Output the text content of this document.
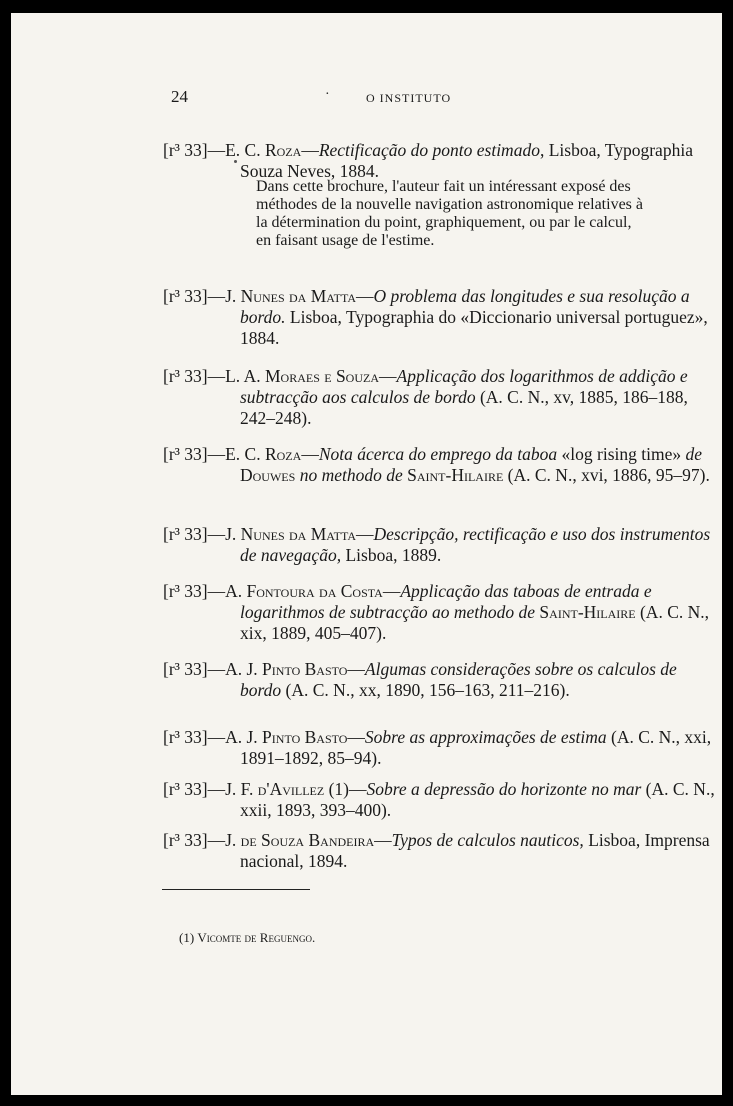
24	·	O INSTITUTO
[r³ 33]—E. C. Roza—Rectificação do ponto estimado, Lisboa, Typographia Souza Neves, 1884.
Dans cette brochure, l'auteur fait un intéressant exposé des méthodes de la nouvelle navigation astronomique relatives à la détermination du point, graphiquement, ou par le calcul, en faisant usage de l'estime.
[r³ 33]—J. Nunes da Matta—O problema das longitudes e sua resolução a bordo. Lisboa, Typographia do «Diccionario universal portuguez», 1884.
[r³ 33]—L. A. Moraes e Souza—Applicação dos logarithmos de addição e subtracção aos calculos de bordo (A. C. N., xv, 1885, 186–188, 242–248).
[r³ 33]—E. C. Roza—Nota ácerca do emprego da taboa «log rising time» de Douwes no methodo de Saint-Hilaire (A. C. N., xvi, 1886, 95–97).
[r³ 33]—J. Nunes da Matta—Descripção, rectificação e uso dos instrumentos de navegação, Lisboa, 1889.
[r³ 33]—A. Fontoura da Costa—Applicação das taboas de entrada e logarithmos de subtracção ao methodo de Saint-Hilaire (A. C. N., xix, 1889, 405–407).
[r³ 33]—A. J. Pinto Basto—Algumas considerações sobre os calculos de bordo (A. C. N., xx, 1890, 156–163, 211–216).
[r³ 33]—A. J. Pinto Basto—Sobre as approximações de estima (A. C. N., xxi, 1891–1892, 85–94).
[r³ 33]—J. F. d'Avillez (1)—Sobre a depressão do horizonte no mar (A. C. N., xxii, 1893, 393–400).
[r³ 33]—J. de Souza Bandeira—Typos de calculos nauticos, Lisboa, Imprensa nacional, 1894.
(1) Vicomte de Reguengo.
